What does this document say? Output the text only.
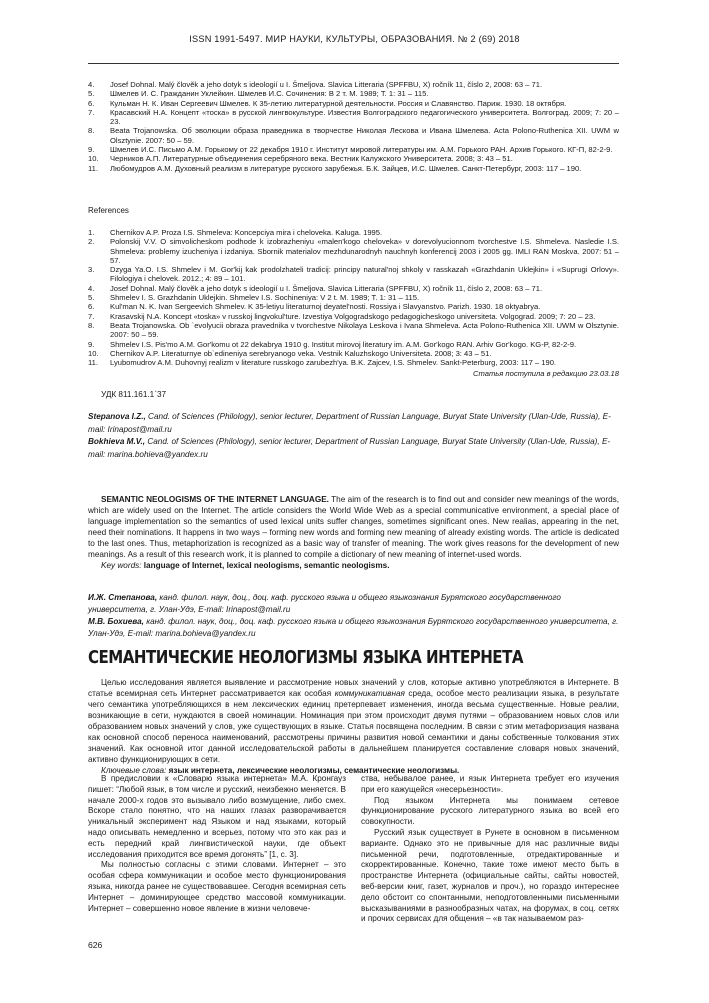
ISSN 1991-5497. МИР НАУКИ, КУЛЬТУРЫ, ОБРАЗОВАНИЯ. № 2 (69) 2018
4.	Josef Dohnal. Malý človĕk a jeho dotyk s ideologií u I. Šmeljova. Slavica Litteraria (SPFFBU, X) ročník 11, číslo 2, 2008: 63 – 71.
5.	Шмелев И. С. Гражданин Уклейкин. Шмелев И.С. Сочинения: В 2 т. М. 1989; Т. 1: 31 – 115.
6.	Кульман Н. К. Иван Сергеевич Шмелев. К 35-летию литературной деятельности. Россия и Славянство. Париж. 1930. 18 октября.
7.	Красавский Н.А. Концепт «тоска» в русской лингвокультуре. Известия Волгоградского педагогического университета. Волгоград. 2009; 7: 20 – 23.
8.	Beata Trojanowska. Об эволюции образа праведника в творчестве Николая Лескова и Ивана Шмелева. Acta Polono-Ruthenica XII. UWM w Olsztynie. 2007: 50 – 59.
9.	Шмелев И.С. Письмо А.М. Горькому от 22 декабря 1910 г. Институт мировой литературы им. А.М. Горького РАН. Архив Горького. КГ-П, 82-2-9.
10.	Черников А.П. Литературные объединения серебряного века. Вестник Калужского Университета. 2008; 3: 43 – 51.
11.	Любомудров А.М. Духовный реализм в литературе русского зарубежья. Б.К. Зайцев, И.С. Шмелев. Санкт-Петербург, 2003: 117 – 190.
References
1.	Chernikov A.P. Proza I.S. Shmeleva: Koncepciya mira i cheloveka. Kaluga. 1995.
2.	Polonskij V.V. O simvolicheskom podhode k izobrazheniyu «malen'kogo cheloveka» v dorevolyucionnom tvorchestve I.S. Shmeleva. Nasledie I.S. Shmeleva: problemy izucheniya i izdaniya. Sbornik materialov mezhdunarodnyh nauchnyh konferencij 2003 i 2005 gg. IMLI RAN Moskva. 2007: 51 – 57.
3.	Dzyga Ya.O. I.S. Shmelev i M. Gor'kij kak prodolzhateli tradicij: principy natural'noj shkoly v rasskazah «Grazhdanin Uklejkin» i «Suprugi Orlovy». Filologiya i chelovek. 2012.; 4: 89 – 101.
4.	Josef Dohnal. Malý človĕk a jeho dotyk s ideologií u I. Šmeljova. Slavica Litteraria (SPFFBU, X) ročník 11, číslo 2, 2008: 63 – 71.
5.	Shmelev I. S. Grazhdanin Uklejkin. Shmelev I.S. Sochineniya: V 2 t. M. 1989; T. 1: 31 – 115.
6.	Kul'man N. K. Ivan Sergeevich Shmelev. K 35-letiyu literaturnoj deyatel'nosti. Rossiya i Slavyanstvo. Parizh. 1930. 18 oktyabrya.
7.	Krasavskij N.A. Koncept «toska» v russkoj lingvokul'ture. Izvestiya Volgogradskogo pedagogicheskogo universiteta. Volgograd. 2009; 7: 20 – 23.
8.	Beata Trojanowska. Ob `evolyucii obraza pravednika v tvorchestve Nikolaya Leskova i Ivana Shmeleva. Acta Polono-Ruthenica XII. UWM w Olsztynie. 2007: 50 – 59.
9.	Shmelev I.S. Pis'mo A.M. Gor'komu ot 22 dekabrya 1910 g. Institut mirovoj literatury im. A.M. Gor'kogo RAN. Arhiv Gor'kogo. KG-P, 82-2-9.
10.	Chernikov A.P. Literaturnye ob`edineniya serebryanogo veka. Vestnik Kaluzhskogo Universiteta. 2008; 3: 43 – 51.
11.	Lyubomudrov A.M. Duhovnyj realizm v literature russkogo zarubezh'ya. B.K. Zajcev, I.S. Shmelev. Sankt-Peterburg, 2003: 117 – 190.
Статья поступила в редакцию 23.03.18
УДК 811.161.1`37
Stepanova I.Z., Cand. of Sciences (Philology), senior lecturer, Department of Russian Language, Buryat State University (Ulan-Ude, Russia), E-mail: Irinapost@mail.ru
Bokhieva M.V., Cand. of Sciences (Philology), senior lecturer, Department of Russian Language, Buryat State University (Ulan-Ude, Russia), E-mail: marina.bohieva@yandex.ru
SEMANTIC NEOLOGISMS OF THE INTERNET LANGUAGE. The aim of the research is to find out and consider new meanings of the words, which are widely used on the Internet. The article considers the World Wide Web as a special communicative environment, a special place of language implementation so the semantics of used lexical units suffer changes, sometimes significant ones. New realias, appearing in the net, need their nominations. It happens in two ways – forming new words and forming new meaning of already existing words. The article is dedicated to the last ones. Thus, metaphorization is recognized as a basic way of transfer of meaning. The work gives reasons for the development of new meanings. As a result of this research work, it is planned to compile a dictionary of new meaning of internet-used words.
Key words: language of Internet, lexical neologisms, semantic neologisms.
И.Ж. Степанова, канд. филол. наук, доц., доц. каф. русского языка и общего языкознания Бурятского государственного университета, г. Улан-Удэ, E-mail: Irinapost@mail.ru
М.В. Бохиева, канд. филол. наук, доц., доц. каф. русского языка и общего языкознания Бурятского государственного университета, г. Улан-Удэ, E-mail: marina.bohieva@yandex.ru
СЕМАНТИЧЕСКИЕ НЕОЛОГИЗМЫ ЯЗЫКА ИНТЕРНЕТА
Целью исследования является выявление и рассмотрение новых значений у слов, которые активно употребляются в Интернете. В статье всемирная сеть Интернет рассматривается как особая коммуникативная среда, особое место реализации языка, в результате чего семантика употребляющихся в нем лексических единиц претерпевает изменения, иногда весьма существенные. Новые реалии, возникающие в сети, нуждаются в своей номинации. Номинация при этом происходит двумя путями – образованием новых слов или образованием новых значений у слов, уже существующих в языке. Статья посвящена последним. В связи с этим метафоризация названа как основной способ переноса наименований, рассмотрены причины развития новой семантики и даны собственные толкования этих значений. Как основной итог данной исследовательской работы в дальнейшем планируется составление словаря новых значений, активно функционирующих в сети.
Ключевые слова: язык интернета, лексические неологизмы, семантические неологизмы.

В предисловии к «Словарю языка интернета» М.А. Кронгауз пишет: “Любой язык, в том числе и русский, неизбежно меняется. В начале 2000-х годов это вызывало либо возмущение, либо смех. Вскоре стало понятно, что на наших глазах разворачивается уникальный эксперимент над Языком и над языками, который надо описывать немедленно и всерьез, потому что это как раз и есть передний край лингвистической науки, где объект исследования приходится все время догонять” [1, с. 3].

Мы полностью согласны с этими словами. Интернет – это особая сфера коммуникации и особое место функционирования языка, никогда ранее не существовавшее. Сегодня всемирная сеть Интернет – доминирующее средство массовой коммуникации. Интернет – совершенно новое явление в жизни человече-

ства, небывалое ранее, и язык Интернета требует его изучения при его кажущейся «несерьезности».

Под языком Интернета мы понимаем сетевое функционирование русского литературного языка во всей его совокупности.

Русский язык существует в Рунете в основном в письменном варианте. Однако это не привычные для нас различные виды письменной речи, подготовленные, отредактированные и скорректированные. Конечно, такие тоже имеют место быть в пространстве Интернета (официальные сайты, сайты новостей, веб-версии книг, газет, журналов и проч.), но гораздо интереснее дело обстоит со спонтанными, неподготовленными письменными высказываниями в разнообразных чатах, на форумах, в соц. сетях и прочих сервисах для общения – «в так называемом раз-

626
